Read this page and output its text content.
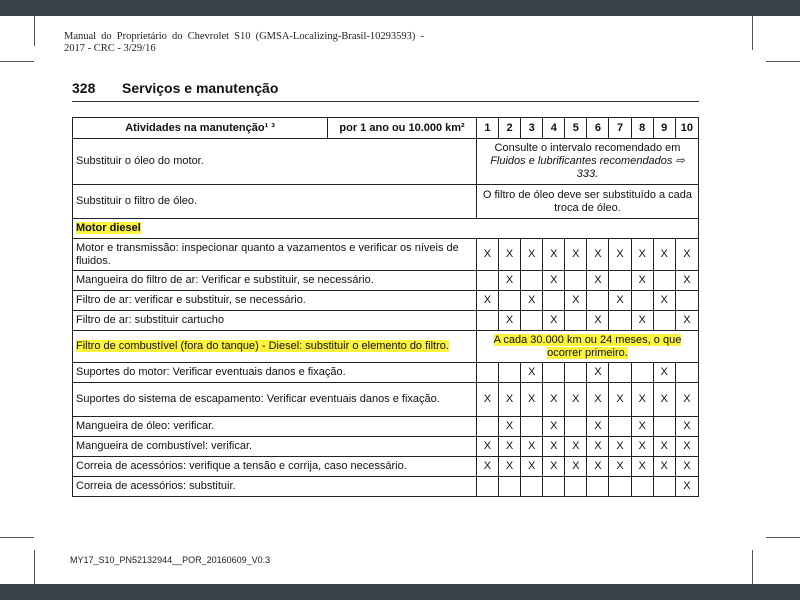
Manual do Proprietário do Chevrolet S10 (GMSA-Localizing-Brasil-10293593) - 2017 - CRC - 3/29/16
328 Serviços e manutenção
Atividades na manutenção¹ ³	por 1 ano ou 10.000 km²	1	2	3	4	5	6	7	8	9	10
Substituir o óleo do motor.		Consulte o intervalo recomendado em Fluidos e lubrificantes recomendados ⇨ 333.									
Substituir o filtro de óleo.		O filtro de óleo deve ser substituído a cada troca de óleo.									
Motor diesel											
Motor e transmissão: inspecionar quanto a vazamentos e verificar os níveis de fluidos.		X	X	X	X	X	X	X	X	X	X
Mangueira do filtro de ar: Verificar e substituir, se necessário.			X		X		X		X		X
Filtro de ar: verificar e substituir, se necessário.		X		X		X		X		X	
Filtro de ar: substituir cartucho			X		X		X		X		X
Filtro de combustível (fora do tanque) - Diesel: substituir o elemento do filtro.		A cada 30.000 km ou 24 meses, o que ocorrer primeiro.									
Suportes do motor: Verificar eventuais danos e fixação.				X			X			X	
Suportes do sistema de escapamento: Verificar eventuais danos e fixação.		X	X	X	X	X	X	X	X	X	X
Mangueira de óleo: verificar.			X		X		X		X		X
Mangueira de combustível: verificar.		X	X	X	X	X	X	X	X	X	X
Correia de acessórios: verifique a tensão e corrija, caso necessário.		X	X	X	X	X	X	X	X	X	X
Correia de acessórios: substituir.											X
MY17_S10_PN52132944__POR_20160609_V0.3
